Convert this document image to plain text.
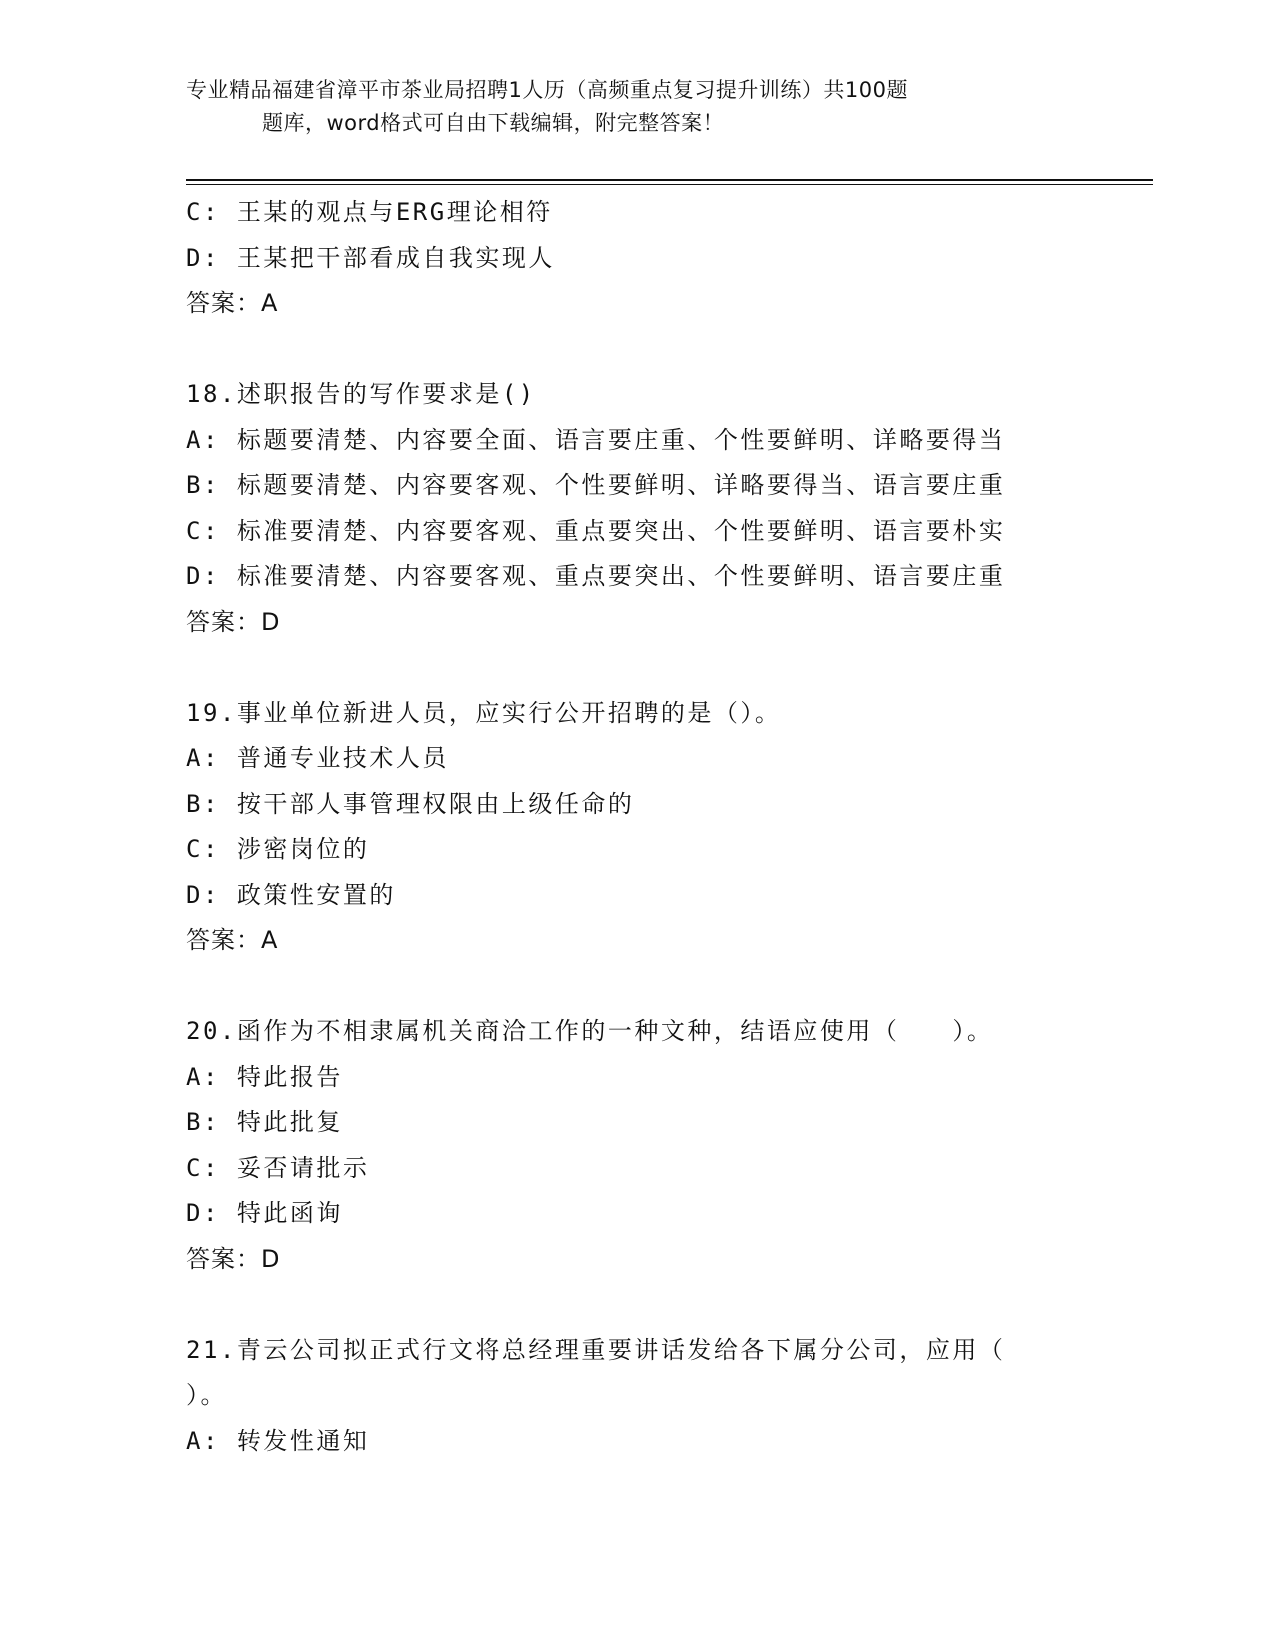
专业精品福建省漳平市茶业局招聘1人历（高频重点复习提升训练）共100题
题库，word格式可自由下载编辑，附完整答案！
C: 王某的观点与ERG理论相符
D: 王某把干部看成自我实现人
答案：A
18.述职报告的写作要求是()
A: 标题要清楚、内容要全面、语言要庄重、个性要鲜明、详略要得当
B: 标题要清楚、内容要客观、个性要鲜明、详略要得当、语言要庄重
C: 标准要清楚、内容要客观、重点要突出、个性要鲜明、语言要朴实
D: 标准要清楚、内容要客观、重点要突出、个性要鲜明、语言要庄重
答案：D
19.事业单位新进人员，应实行公开招聘的是（）。
A: 普通专业技术人员
B: 按干部人事管理权限由上级任命的
C: 涉密岗位的
D: 政策性安置的
答案：A
20.函作为不相隶属机关商洽工作的一种文种，结语应使用（　　）。
A: 特此报告
B: 特此批复
C: 妥否请批示
D: 特此函询
答案：D
21.青云公司拟正式行文将总经理重要讲话发给各下属分公司，应用（
）。
A: 转发性通知
